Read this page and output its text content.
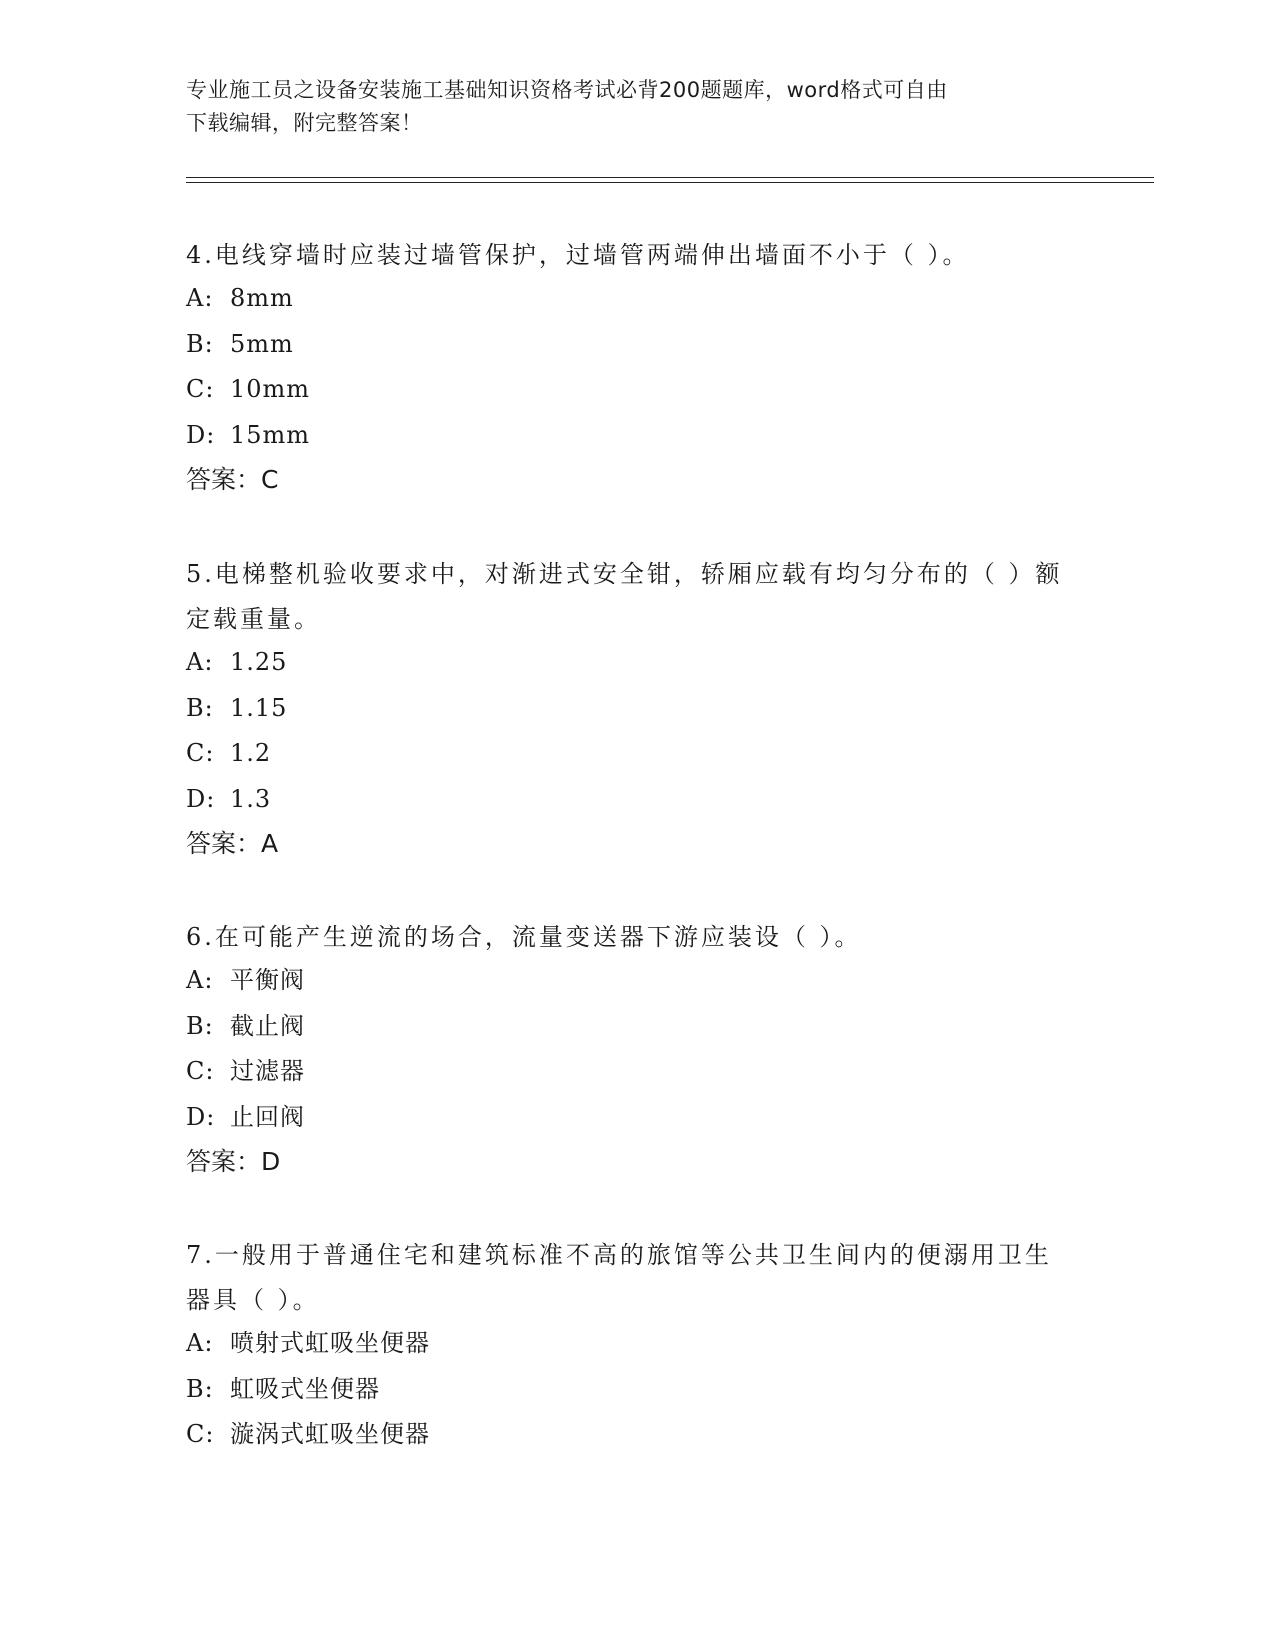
专业施工员之设备安装施工基础知识资格考试必背200题题库，word格式可自由
下载编辑，附完整答案！
4.电线穿墙时应装过墙管保护，过墙管两端伸出墙面不小于（ ）。
A: 8mm
B: 5mm
C: 10mm
D: 15mm
答案：C
5.电梯整机验收要求中，对渐进式安全钳，轿厢应载有均匀分布的（ ）额定载重量。
A: 1.25
B: 1.15
C: 1.2
D: 1.3
答案：A
6.在可能产生逆流的场合，流量变送器下游应装设（ ）。
A: 平衡阀
B: 截止阀
C: 过滤器
D: 止回阀
答案：D
7.一般用于普通住宅和建筑标准不高的旅馆等公共卫生间内的便溺用卫生器具（ ）。
A: 喷射式虹吸坐便器
B: 虹吸式坐便器
C: 漩涡式虹吸坐便器
